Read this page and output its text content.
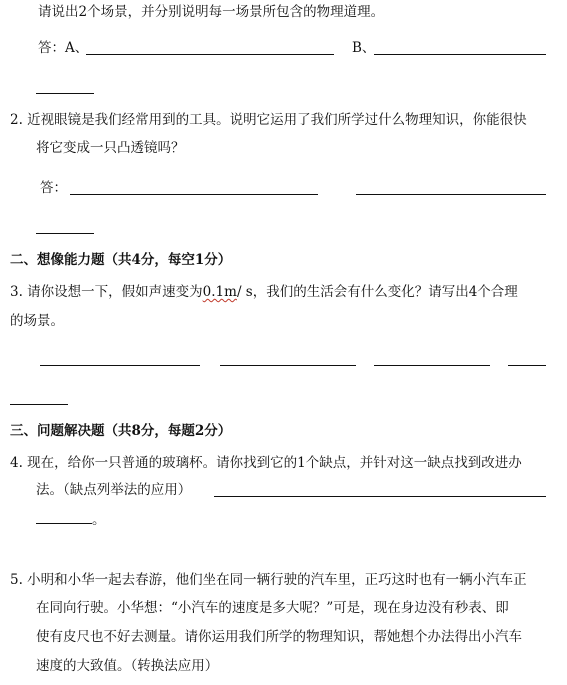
请说出2个场景，并分别说明每一场景所包含的物理道理。
答：A、	B、
2. 近视眼镜是我们经常用到的工具。说明它运用了我们所学过什么物理知识，你能很快
将它变成一只凸透镜吗？
答：
二、想像能力题（共4分，每空1分）
3. 请你设想一下，假如声速变为0.1m/ s，我们的生活会有什么变化？请写出4个合理
的场景。
三、问题解决题（共8分，每题2分）
4. 现在，给你一只普通的玻璃杯。请你找到它的1个缺点，并针对这一缺点找到改进办
法。（缺点列举法的应用）
。
5. 小明和小华一起去春游，他们坐在同一辆行驶的汽车里，正巧这时也有一辆小汽车正
在同向行驶。小华想：“小汽车的速度是多大呢？”可是，现在身边没有秒表、即
使有皮尺也不好去测量。请你运用我们所学的物理知识，帮她想个办法得出小汽车
速度的大致值。（转换法应用）
